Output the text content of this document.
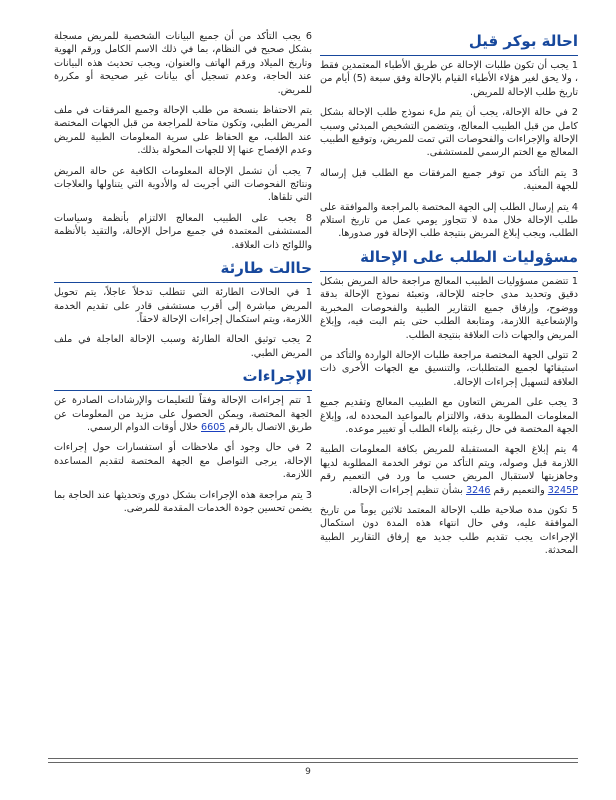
احالة بوكر قيل

1 يجب أن تكون طلبات الإحالة عن طريق الأطباء المعتمدين فقط ، ولا يحق لغير هؤلاء الأطباء القيام بالإحالة وفق سبعة (5) أيام من تاريخ طلب الإحالة للمريض.

2 في حالة الإحالة، يجب أن يتم ملء نموذج طلب الإحالة بشكل كامل من قبل الطبيب المعالج، ويتضمن التشخيص المبدئي وسبب الإحالة والإجراءات والفحوصات التي تمت للمريض، وتوقيع الطبيب المعالج مع الختم الرسمي للمستشفى.

3 يتم التأكد من توفر جميع المرفقات مع الطلب قبل إرساله للجهة المعنية.

4 يتم إرسال الطلب إلى الجهة المختصة بالمراجعة والموافقة على طلب الإحالة خلال مدة لا تتجاوز يومي عمل من تاريخ استلام الطلب، ويجب إبلاغ المريض بنتيجة طلب الإحالة فور صدورها.

مسؤوليات الطلب على الإحالة

1 تتضمن مسؤوليات الطبيب المعالج مراجعة حالة المريض بشكل دقيق وتحديد مدى حاجته للإحالة، وتعبئة نموذج الإحالة بدقة ووضوح، وإرفاق جميع التقارير الطبية والفحوصات المخبرية والإشعاعية اللازمة، ومتابعة الطلب حتى يتم البت فيه، وإبلاغ المريض والجهات ذات العلاقة بنتيجة الطلب.

2 تتولى الجهة المختصة مراجعة طلبات الإحالة الواردة والتأكد من استيفائها لجميع المتطلبات، والتنسيق مع الجهات الأخرى ذات العلاقة لتسهيل إجراءات الإحالة.

3 يجب على المريض التعاون مع الطبيب المعالج وتقديم جميع المعلومات المطلوبة بدقة، والالتزام بالمواعيد المحددة له، وإبلاغ الجهة المختصة في حال رغبته بإلغاء الطلب أو تغيير موعده.

4 يتم إبلاغ الجهة المستقبلة للمريض بكافة المعلومات الطبية اللازمة قبل وصوله، ويتم التأكد من توفر الخدمة المطلوبة لديها وجاهزيتها لاستقبال المريض حسب ما ورد في التعميم رقم 3245P والتعميم رقم 3246 بشأن تنظيم إجراءات الإحالة.

5 تكون مدة صلاحية طلب الإحالة المعتمد ثلاثين يوماً من تاريخ الموافقة عليه، وفي حال انتهاء هذه المدة دون استكمال الإجراءات يجب تقديم طلب جديد مع إرفاق التقارير الطبية المحدثة.

6 يجب التأكد من أن جميع البيانات الشخصية للمريض مسجلة بشكل صحيح في النظام، بما في ذلك الاسم الكامل ورقم الهوية وتاريخ الميلاد ورقم الهاتف والعنوان، ويجب تحديث هذه البيانات عند الحاجة، وعدم تسجيل أي بيانات غير صحيحة أو مكررة للمريض.

يتم الاحتفاظ بنسخة من طلب الإحالة وجميع المرفقات في ملف المريض الطبي، وتكون متاحة للمراجعة من قبل الجهات المختصة عند الطلب، مع الحفاظ على سرية المعلومات الطبية للمريض وعدم الإفصاح عنها إلا للجهات المخولة بذلك.

7 يجب أن تشمل الإحالة المعلومات الكافية عن حالة المريض ونتائج الفحوصات التي أجريت له والأدوية التي يتناولها والعلاجات التي تلقاها.

8 يجب على الطبيب المعالج الالتزام بأنظمة وسياسات المستشفى المعتمدة في جميع مراحل الإحالة، والتقيد بالأنظمة واللوائح ذات العلاقة.

حاالت طارئة

1 في الحالات الطارئة التي تتطلب تدخلاً عاجلاً، يتم تحويل المريض مباشرة إلى أقرب مستشفى قادر على تقديم الخدمة اللازمة، ويتم استكمال إجراءات الإحالة لاحقاً.

2 يجب توثيق الحالة الطارئة وسبب الإحالة العاجلة في ملف المريض الطبي.

الإجراءات

1 تتم إجراءات الإحالة وفقاً للتعليمات والإرشادات الصادرة عن الجهة المختصة، ويمكن الحصول على مزيد من المعلومات عن طريق الاتصال بالرقم 6605 خلال أوقات الدوام الرسمي.

2 في حال وجود أي ملاحظات أو استفسارات حول إجراءات الإحالة، يرجى التواصل مع الجهة المختصة لتقديم المساعدة اللازمة.

3 يتم مراجعة هذه الإجراءات بشكل دوري وتحديثها عند الحاجة بما يضمن تحسين جودة الخدمات المقدمة للمرضى.

9
